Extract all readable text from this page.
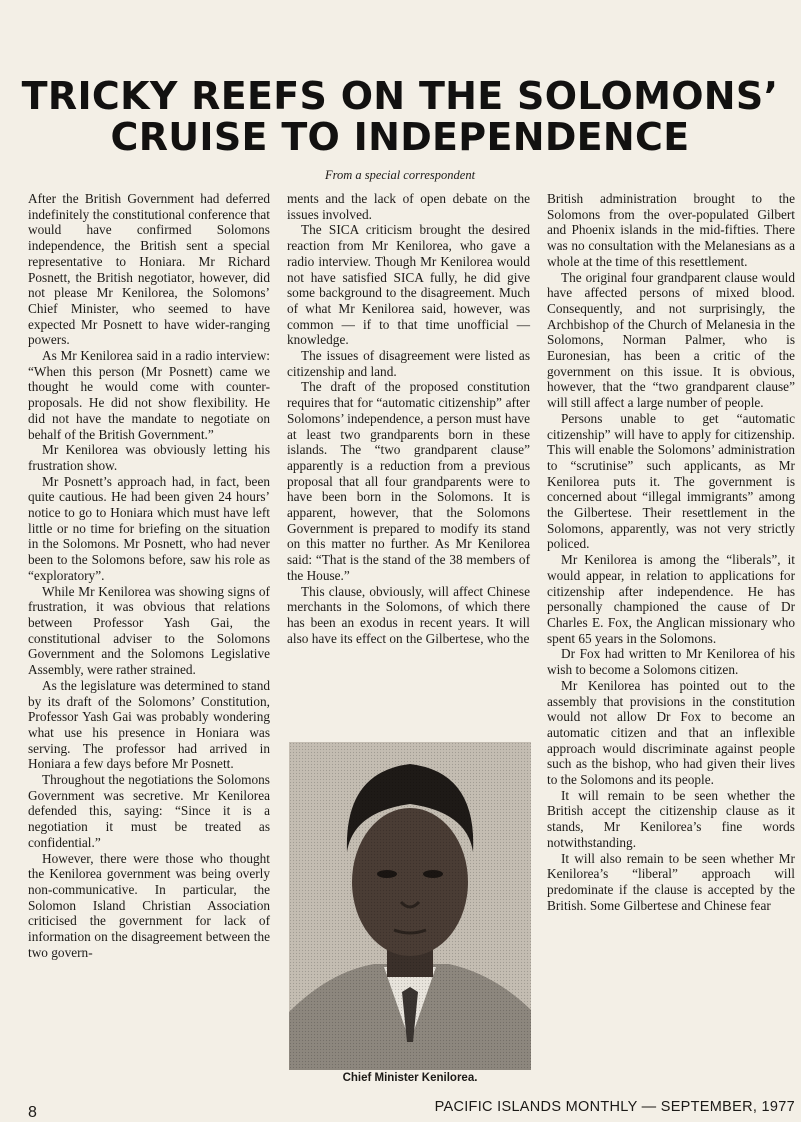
TRICKY REEFS ON THE SOLOMONS’
CRUISE TO INDEPENDENCE
From a special correspondent

After the British Government had deferred indefinitely the constitutional conference that would have confirmed Solomons independence, the British sent a special representative to Honiara. Mr Richard Posnett, the British negotiator, however, did not please Mr Kenilorea, the Solomons’ Chief Minister, who seemed to have expected Mr Posnett to have wider-ranging powers.

As Mr Kenilorea said in a radio interview: “When this person (Mr Posnett) came we thought he would come with counter-proposals. He did not show flexibility. He did not have the mandate to negotiate on behalf of the British Government.”

Mr Kenilorea was obviously letting his frustration show.

Mr Posnett’s approach had, in fact, been quite cautious. He had been given 24 hours’ notice to go to Honiara which must have left little or no time for briefing on the situation in the Solomons. Mr Posnett, who had never been to the Solomons before, saw his role as “exploratory”.

While Mr Kenilorea was showing signs of frustration, it was obvious that relations between Professor Yash Gai, the constitutional adviser to the Solomons Government and the Solomons Legislative Assembly, were rather strained.

As the legislature was determined to stand by its draft of the Solomons’ Constitution, Professor Yash Gai was probably wondering what use his presence in Honiara was serving. The professor had arrived in Honiara a few days before Mr Posnett.

Throughout the negotiations the Solomons Government was secretive. Mr Kenilorea defended this, saying: “Since it is a negotiation it must be treated as confidential.”

However, there were those who thought the Kenilorea government was being overly non-communicative. In particular, the Solomon Island Christian Association criticised the government for lack of information on the disagreement between the two govern-

ments and the lack of open debate on the issues involved.

The SICA criticism brought the desired reaction from Mr Kenilorea, who gave a radio interview. Though Mr Kenilorea would not have satisfied SICA fully, he did give some background to the disagreement. Much of what Mr Kenilorea said, however, was common — if to that time unofficial — knowledge.

The issues of disagreement were listed as citizenship and land.

The draft of the proposed constitution requires that for “automatic citizenship” after Solomons’ independence, a person must have at least two grandparents born in these islands. The “two grandparent clause” apparently is a reduction from a previous proposal that all four grandparents were to have been born in the Solomons. It is apparent, however, that the Solomons Government is prepared to modify its stand on this matter no further. As Mr Kenilorea said: “That is the stand of the 38 members of the House.”

This clause, obviously, will affect Chinese merchants in the Solomons, of which there has been an exodus in recent years. It will also have its effect on the Gilbertese, who the

Chief Minister Kenilorea.

British administration brought to the Solomons from the over-populated Gilbert and Phoenix islands in the mid-fifties. There was no consultation with the Melanesians as a whole at the time of this resettlement.

The original four grandparent clause would have affected persons of mixed blood. Consequently, and not surprisingly, the Archbishop of the Church of Melanesia in the Solomons, Norman Palmer, who is Euronesian, has been a critic of the government on this issue. It is obvious, however, that the “two grandparent clause” will still affect a large number of people.

Persons unable to get “automatic citizenship” will have to apply for citizenship. This will enable the Solomons’ administration to “scrutinise” such applicants, as Mr Kenilorea puts it. The government is concerned about “illegal immigrants” among the Gilbertese. Their resettlement in the Solomons, apparently, was not very strictly policed.

Mr Kenilorea is among the “liberals”, it would appear, in relation to applications for citizenship after independence. He has personally championed the cause of Dr Charles E. Fox, the Anglican missionary who spent 65 years in the Solomons.

Dr Fox had written to Mr Kenilorea of his wish to become a Solomons citizen.

Mr Kenilorea has pointed out to the assembly that provisions in the constitution would not allow Dr Fox to become an automatic citizen and that an inflexible approach would discriminate against people such as the bishop, who had given their lives to the Solomons and its people.

It will remain to be seen whether the British accept the citizenship clause as it stands, Mr Kenilorea’s fine words notwithstanding.

It will also remain to be seen whether Mr Kenilorea’s “liberal” approach will predominate if the clause is accepted by the British. Some Gilbertese and Chinese fear

8	PACIFIC ISLANDS MONTHLY — SEPTEMBER, 1977
